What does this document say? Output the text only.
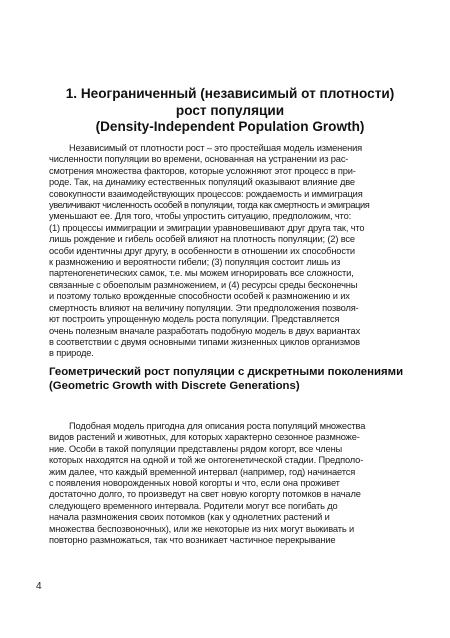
1. Неограниченный (независимый от плотности)
рост популяции
(Density-Independent Population Growth)
Независимый от плотности рост – это простейшая модель изменения
численности популяции во времени, основанная на устранении из рас-
смотрения множества факторов, которые усложняют этот процесс в при-
роде. Так, на динамику естественных популяций оказывают влияние две
совокупности взаимодействующих процессов: рождаемость и иммиграция
увеличивают численность особей в популяции, тогда как смертность и эмиграция
уменьшают ее. Для того, чтобы упростить ситуацию, предположим, что:
(1) процессы иммиграции и эмиграции уравновешивают друг друга так, что
лишь рождение и гибель особей влияют на плотность популяции; (2) все
особи идентичны друг другу, в особенности в отношении их способности
к размножению и вероятности гибели; (3) популяция состоит лишь из
партеногенетических самок, т.е. мы можем игнорировать все сложности,
связанные с обоеполым размножением, и (4) ресурсы среды бесконечны
и поэтому только врожденные способности особей к размножению и их
смертность влияют на величину популяции. Эти предположения позволя-
ют построить упрощенную модель роста популяции. Представляется
очень полезным вначале разработать подобную модель в двух вариантах
в соответствии с двумя основными типами жизненных циклов организмов
в природе.
Геометрический рост популяции с дискретными поколениями
(Geometric Growth with Discrete Generations)
Подобная модель пригодна для описания роста популяций множества
видов растений и животных, для которых характерно сезонное размноже-
ние. Особи в такой популяции представлены рядом когорт, все члены
которых находятся на одной и той же онтогенетической стадии. Предполо-
жим далее, что каждый временной интервал (например, год) начинается
с появления новорожденных новой когорты и что, если она проживет
достаточно долго, то произведут на свет новую когорту потомков в начале
следующего временного интервала. Родители могут все погибать до
начала размножения своих потомков (как у однолетних растений и
множества беспозвоночных), или же некоторые из них могут выживать и
повторно размножаться, так что возникает частичное перекрывание
4
